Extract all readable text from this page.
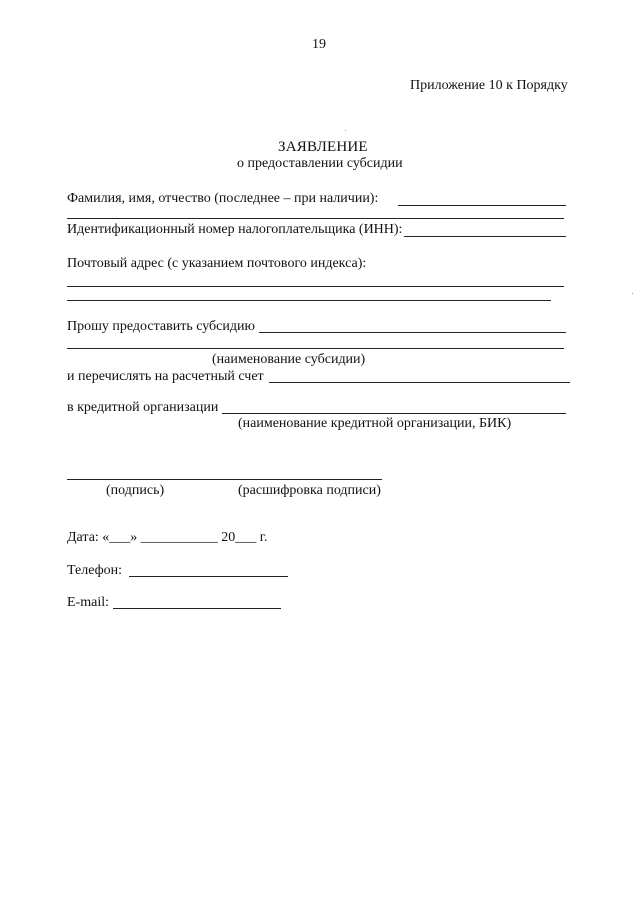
19
Приложение 10 к Порядку
ЗАЯВЛЕНИЕ
о предоставлении субсидии
Фамилия, имя, отчество (последнее – при наличии):
Идентификационный номер налогоплательщика (ИНН):
Почтовый адрес (с указанием почтового индекса):
Прошу предоставить субсидию
(наименование субсидии)
и перечислять на расчетный счет
в кредитной организации
(наименование кредитной организации, БИК)
(подпись)	(расшифровка подписи)
Дата: «___» ___________ 20___ г.
Телефон:
E-mail:
